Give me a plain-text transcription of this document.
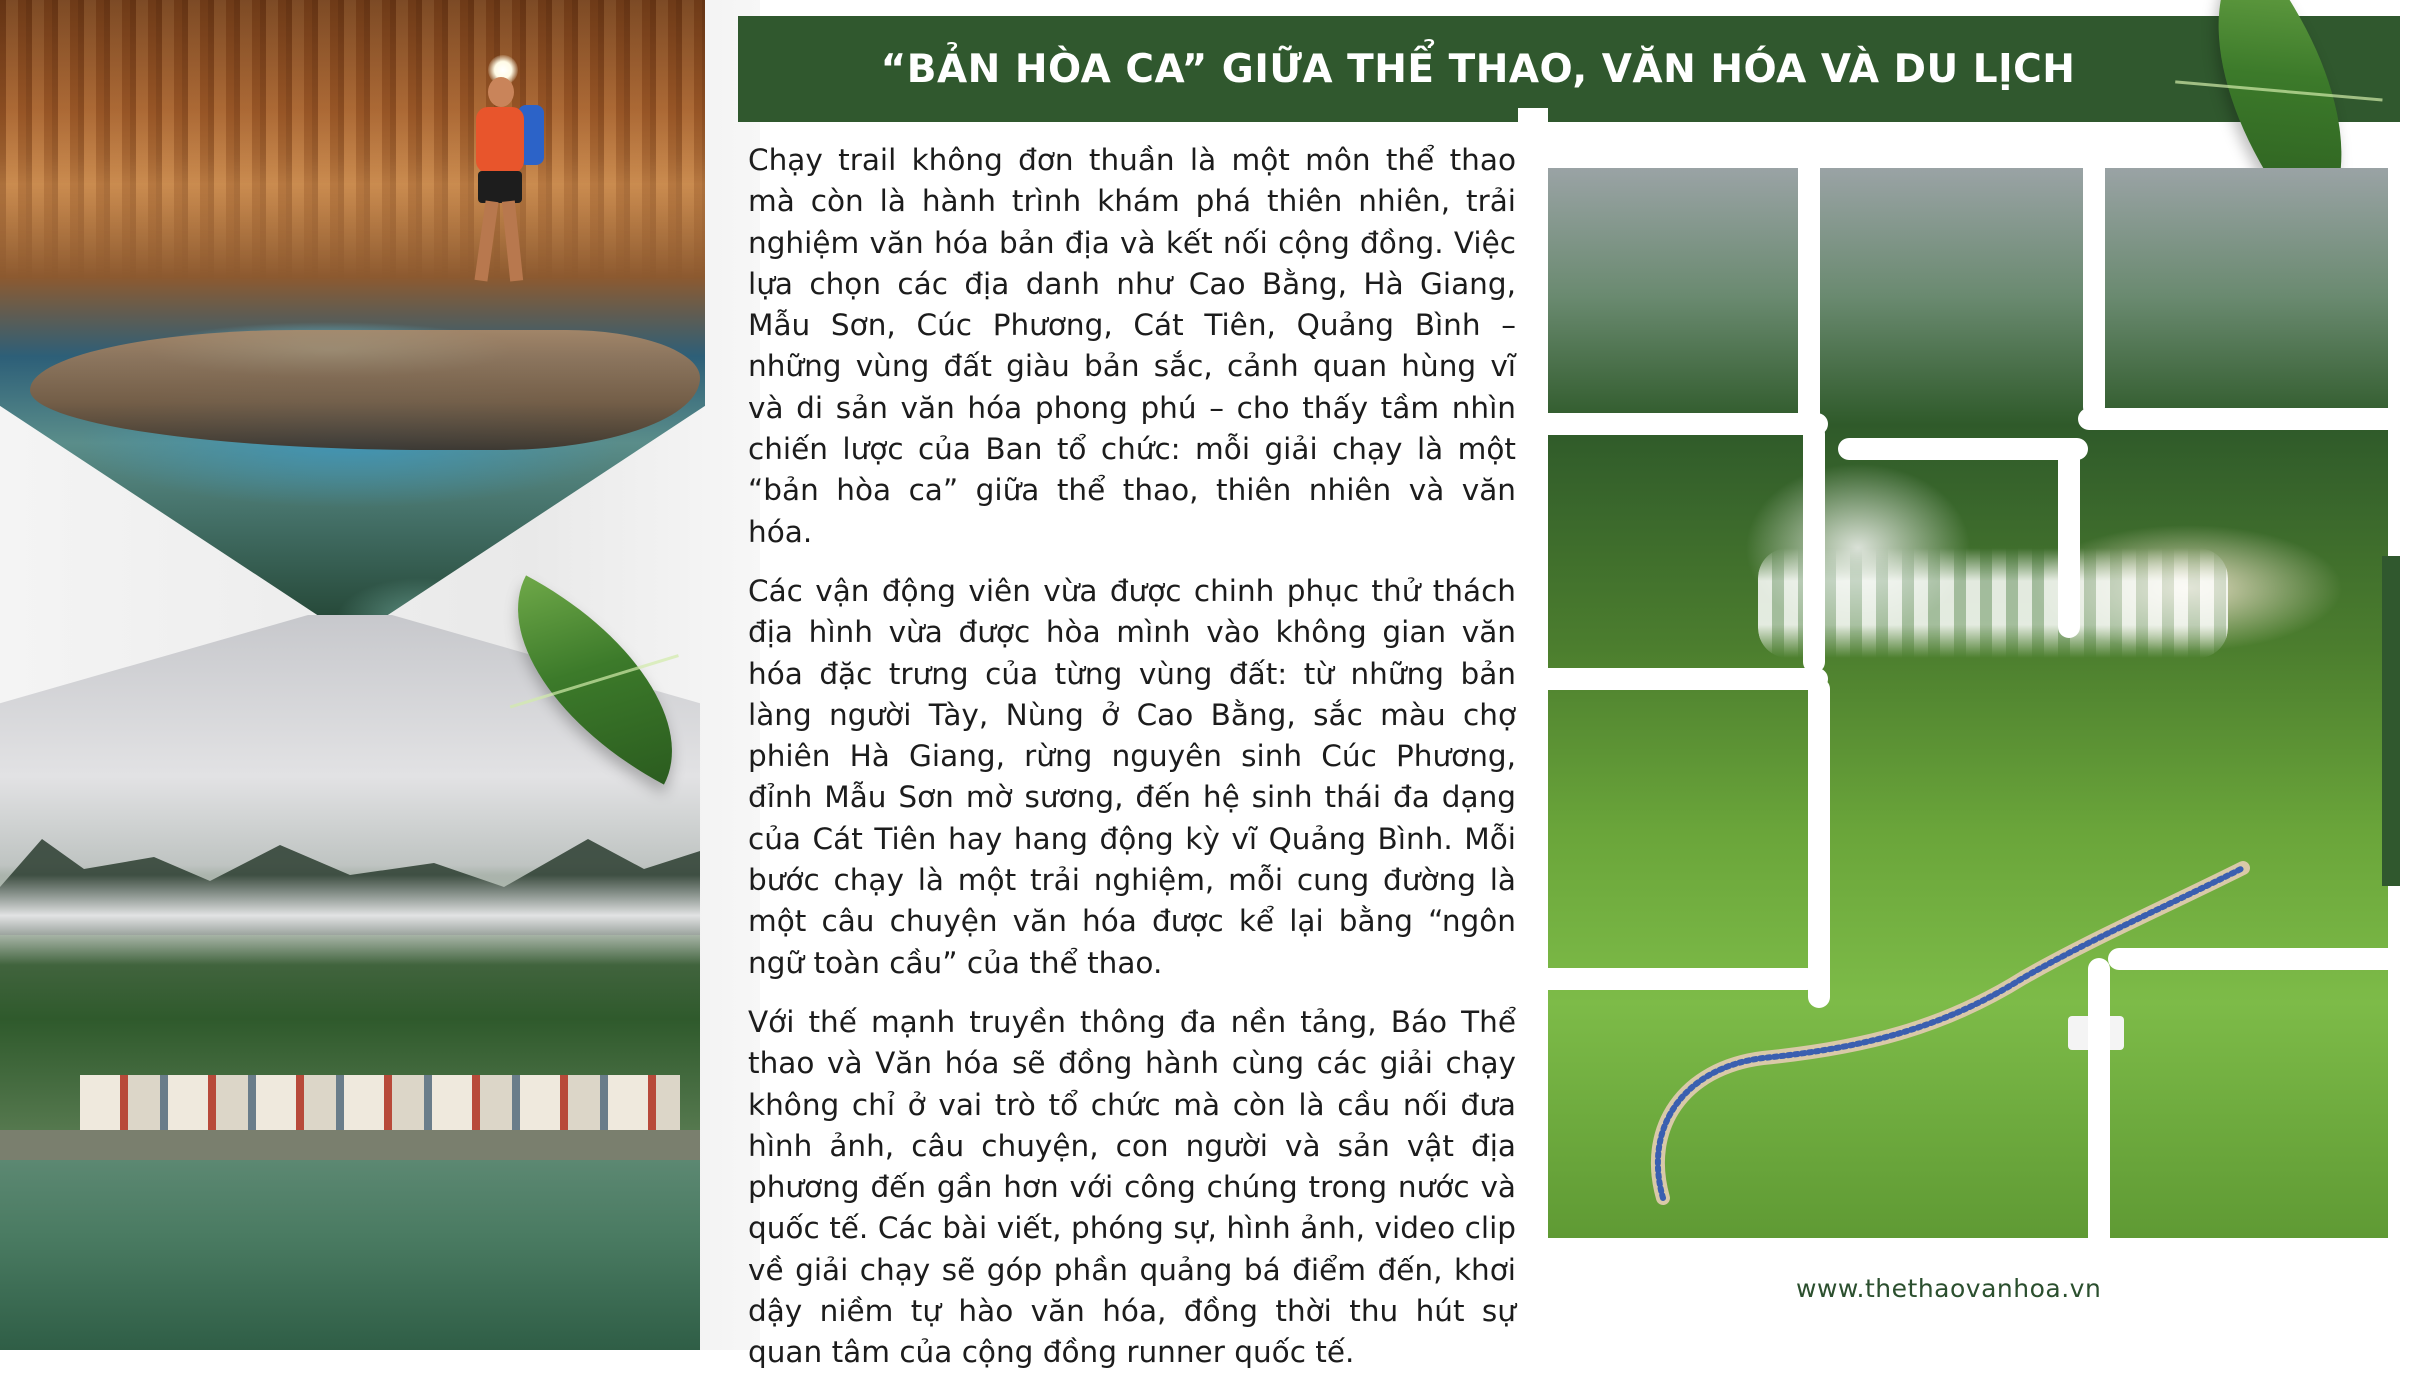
“BẢN HÒA CA” GIỮA THỂ THAO, VĂN HÓA VÀ DU LỊCH

Chạy trail không đơn thuần là một môn thể thao mà còn là hành trình khám phá thiên nhiên, trải nghiệm văn hóa bản địa và kết nối cộng đồng. Việc lựa chọn các địa danh như Cao Bằng, Hà Giang, Mẫu Sơn, Cúc Phương, Cát Tiên, Quảng Bình – những vùng đất giàu bản sắc, cảnh quan hùng vĩ và di sản văn hóa phong phú – cho thấy tầm nhìn chiến lược của Ban tổ chức: mỗi giải chạy là một “bản hòa ca” giữa thể thao, thiên nhiên và văn hóa.

Các vận động viên vừa được chinh phục thử thách địa hình vừa được hòa mình vào không gian văn hóa đặc trưng của từng vùng đất: từ những bản làng người Tày, Nùng ở Cao Bằng, sắc màu chợ phiên Hà Giang, rừng nguyên sinh Cúc Phương, đỉnh Mẫu Sơn mờ sương, đến hệ sinh thái đa dạng của Cát Tiên hay hang động kỳ vĩ Quảng Bình. Mỗi bước chạy là một trải nghiệm, mỗi cung đường là một câu chuyện văn hóa được kể lại bằng “ngôn ngữ toàn cầu” của thể thao.

Với thế mạnh truyền thông đa nền tảng, Báo Thể thao và Văn hóa sẽ đồng hành cùng các giải chạy không chỉ ở vai trò tổ chức mà còn là cầu nối đưa hình ảnh, câu chuyện, con người và sản vật địa phương đến gần hơn với công chúng trong nước và quốc tế. Các bài viết, phóng sự, hình ảnh, video clip về giải chạy sẽ góp phần quảng bá điểm đến, khơi dậy niềm tự hào văn hóa, đồng thời thu hút sự quan tâm của cộng đồng runner quốc tế.

www.thethaovanhoa.vn
